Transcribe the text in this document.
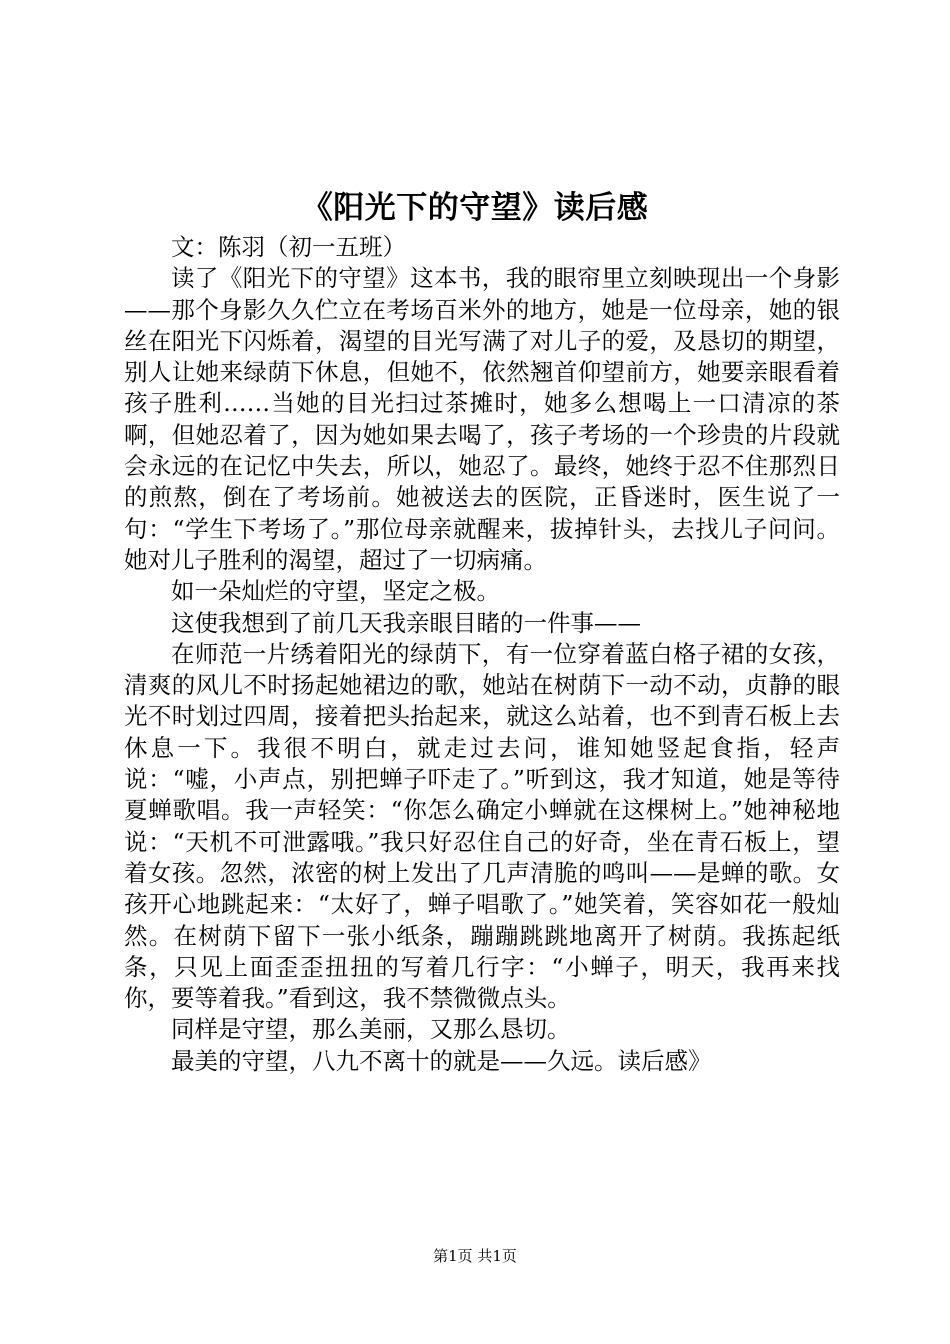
《阳光下的守望》读后感

文：陈羽（初一五班）

读了《阳光下的守望》这本书，我的眼帘里立刻映现出一个身影——那个身影久久伫立在考场百米外的地方，她是一位母亲，她的银丝在阳光下闪烁着，渴望的目光写满了对儿子的爱，及恳切的期望，别人让她来绿荫下休息，但她不，依然翘首仰望前方，她要亲眼看着孩子胜利……当她的目光扫过茶摊时，她多么想喝上一口清凉的茶啊，但她忍着了，因为她如果去喝了，孩子考场的一个珍贵的片段就会永远的在记忆中失去，所以，她忍了。最终，她终于忍不住那烈日的煎熬，倒在了考场前。她被送去的医院，正昏迷时，医生说了一句：“学生下考场了。”那位母亲就醒来，拔掉针头，去找儿子问问。她对儿子胜利的渴望，超过了一切病痛。

如一朵灿烂的守望，坚定之极。

这使我想到了前几天我亲眼目睹的一件事——

在师范一片绣着阳光的绿荫下，有一位穿着蓝白格子裙的女孩，清爽的风儿不时扬起她裙边的歌，她站在树荫下一动不动，贞静的眼光不时划过四周，接着把头抬起来，就这么站着，也不到青石板上去休息一下。我很不明白，就走过去问，谁知她竖起食指，轻声说：“嘘，小声点，别把蝉子吓走了。”听到这，我才知道，她是等待夏蝉歌唱。我一声轻笑：“你怎么确定小蝉就在这棵树上。”她神秘地说：“天机不可泄露哦。”我只好忍住自己的好奇，坐在青石板上，望着女孩。忽然，浓密的树上发出了几声清脆的鸣叫——是蝉的歌。女孩开心地跳起来：“太好了，蝉子唱歌了。”她笑着，笑容如花一般灿然。在树荫下留下一张小纸条，蹦蹦跳跳地离开了树荫。我拣起纸条，只见上面歪歪扭扭的写着几行字：“小蝉子，明天，我再来找你，要等着我。”看到这，我不禁微微点头。

同样是守望，那么美丽，又那么恳切。

最美的守望，八九不离十的就是——久远。读后感》

第1页 共1页
